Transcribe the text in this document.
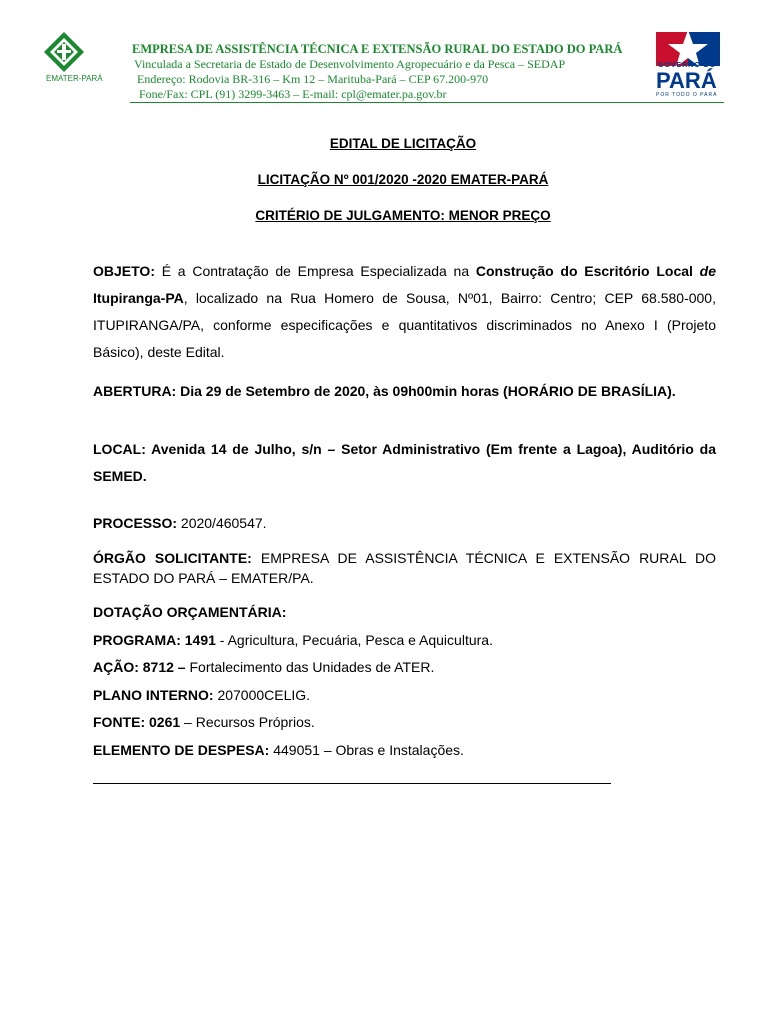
EMATER-PARÁ
EMPRESA DE ASSISTÊNCIA TÉCNICA E EXTENSÃO RURAL DO ESTADO DO PARÁ
Vinculada a Secretaria de Estado de Desenvolvimento Agropecuário e da Pesca – SEDAP
Endereço: Rodovia BR-316 – Km 12 – Marituba-Pará – CEP 67.200-970
Fone/Fax: CPL (91) 3299-3463 – E-mail: cpl@emater.pa.gov.br
GOVERNO DO
PARÁ
POR TODO O PARÁ
EDITAL DE LICITAÇÃO
LICITAÇÃO Nº 001/2020 -2020 EMATER-PARÁ
CRITÉRIO DE JULGAMENTO: MENOR PREÇO
OBJETO: É a Contratação de Empresa Especializada na Construção do Escritório Local de Itupiranga-PA, localizado na Rua Homero de Sousa, Nº01, Bairro: Centro; CEP 68.580-000, ITUPIRANGA/PA, conforme especificações e quantitativos discriminados no Anexo I (Projeto Básico), deste Edital.
ABERTURA: Dia 29 de Setembro de 2020, às 09h00min horas (HORÁRIO DE BRASÍLIA).
LOCAL: Avenida 14 de Julho, s/n – Setor Administrativo (Em frente a Lagoa), Auditório da SEMED.
PROCESSO: 2020/460547.
ÓRGÃO SOLICITANTE: EMPRESA DE ASSISTÊNCIA TÉCNICA E EXTENSÃO RURAL DO ESTADO DO PARÁ – EMATER/PA.
DOTAÇÃO ORÇAMENTÁRIA:
PROGRAMA: 1491 - Agricultura, Pecuária, Pesca e Aquicultura.
AÇÃO: 8712 – Fortalecimento das Unidades de ATER.
PLANO INTERNO: 207000CELIG.
FONTE: 0261 – Recursos Próprios.
ELEMENTO DE DESPESA: 449051 – Obras e Instalações.
